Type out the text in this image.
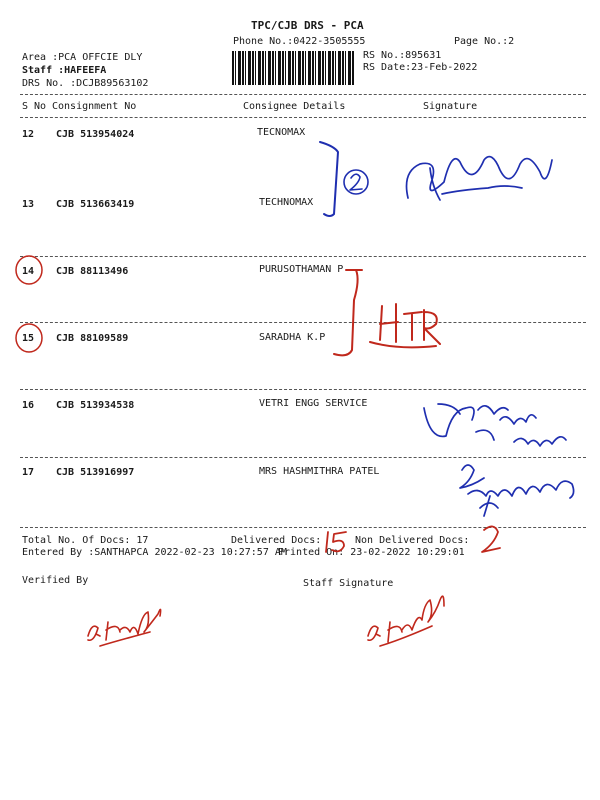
TPC/CJB DRS - PCA
Phone No.:0422-3505555	Page No.:2
Area :PCA OFFCIE DLY
Staff :HAFEEFA
DRS No. :DCJB89563102
RS No.:895631
RS Date:23-Feb-2022
S No Consignment No	Consignee Details	Signature
12 CJB 513954024	TECNOMAX
13 CJB 513663419	TECHNOMAX
14 CJB 88113496	PURUSOTHAMAN P
15 CJB 88109589	SARADHA K.P
16 CJB 513934538	VETRI ENGG SERVICE
17 CJB 513916997	MRS HASHMITHRA PATEL
Total No. Of Docs: 17	Delivered Docs:	Non Delivered Docs:
Entered By :SANTHAPCA 2022-02-23 10:27:57 AM
Printed On: 23-02-2022 10:29:01
Verified By	Staff Signature
